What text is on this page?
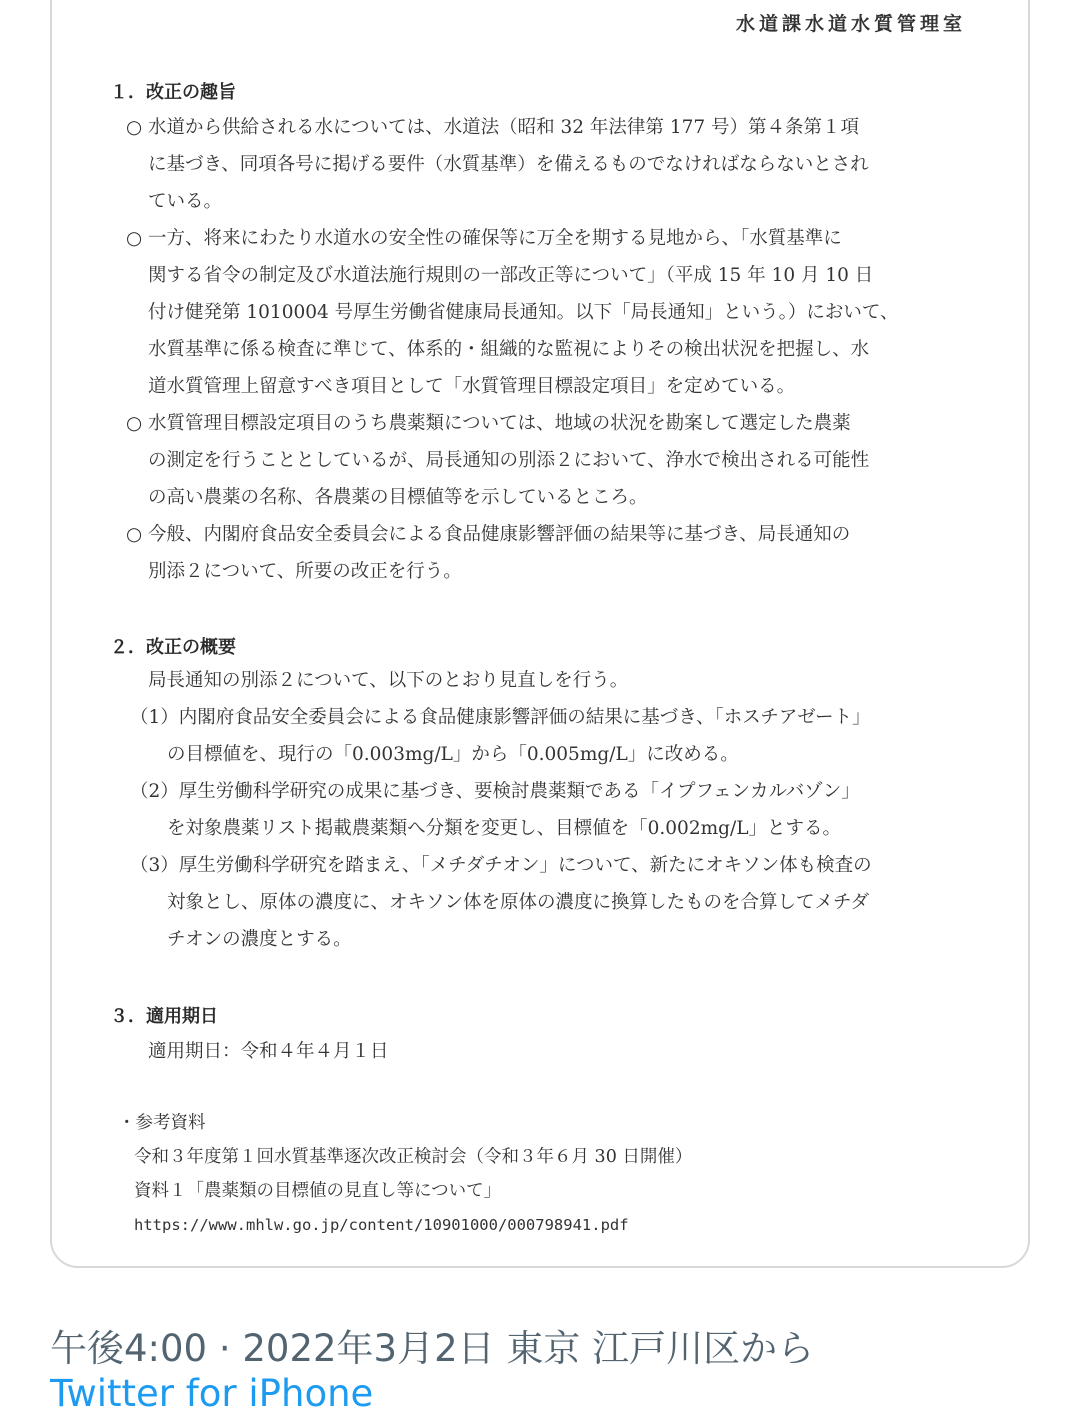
水道課水道水質管理室
１．改正の趣旨

○ 水道から供給される水については、水道法（昭和 32 年法律第 177 号）第４条第１項
に基づき、同項各号に掲げる要件（水質基準）を備えるものでなければならないとされ
ている。

○ 一方、将来にわたり水道水の安全性の確保等に万全を期する見地から、「水質基準に
関する省令の制定及び水道法施行規則の一部改正等について」（平成 15 年 10 月 10 日
付け健発第 1010004 号厚生労働省健康局長通知。以下「局長通知」という。）において、
水質基準に係る検査に準じて、体系的・組織的な監視によりその検出状況を把握し、水
道水質管理上留意すべき項目として「水質管理目標設定項目」を定めている。

○ 水質管理目標設定項目のうち農薬類については、地域の状況を勘案して選定した農薬
の測定を行うこととしているが、局長通知の別添２において、浄水で検出される可能性
の高い農薬の名称、各農薬の目標値等を示しているところ。

○ 今般、内閣府食品安全委員会による食品健康影響評価の結果等に基づき、局長通知の
別添２について、所要の改正を行う。

２．改正の概要
局長通知の別添２について、以下のとおり見直しを行う。

（1）内閣府食品安全委員会による食品健康影響評価の結果に基づき、「ホスチアゼート」
　　の目標値を、現行の「0.003mg/L」から「0.005mg/L」に改める。

（2）厚生労働科学研究の成果に基づき、要検討農薬類である「イプフェンカルバゾン」
　　を対象農薬リスト掲載農薬類へ分類を変更し、目標値を「0.002mg/L」とする。

（3）厚生労働科学研究を踏まえ、「メチダチオン」について、新たにオキソン体も検査の
　　対象とし、原体の濃度に、オキソン体を原体の濃度に換算したものを合算してメチダ
　　チオンの濃度とする。

３．適用期日
適用期日：令和４年４月１日
・参考資料
令和３年度第１回水質基準逐次改正検討会（令和３年６月 30 日開催）
資料１「農薬類の目標値の見直し等について」
https://www.mhlw.go.jp/content/10901000/000798941.pdf
午後4:00 · 2022年3月2日 東京 江戸川区から
Twitter for iPhone
